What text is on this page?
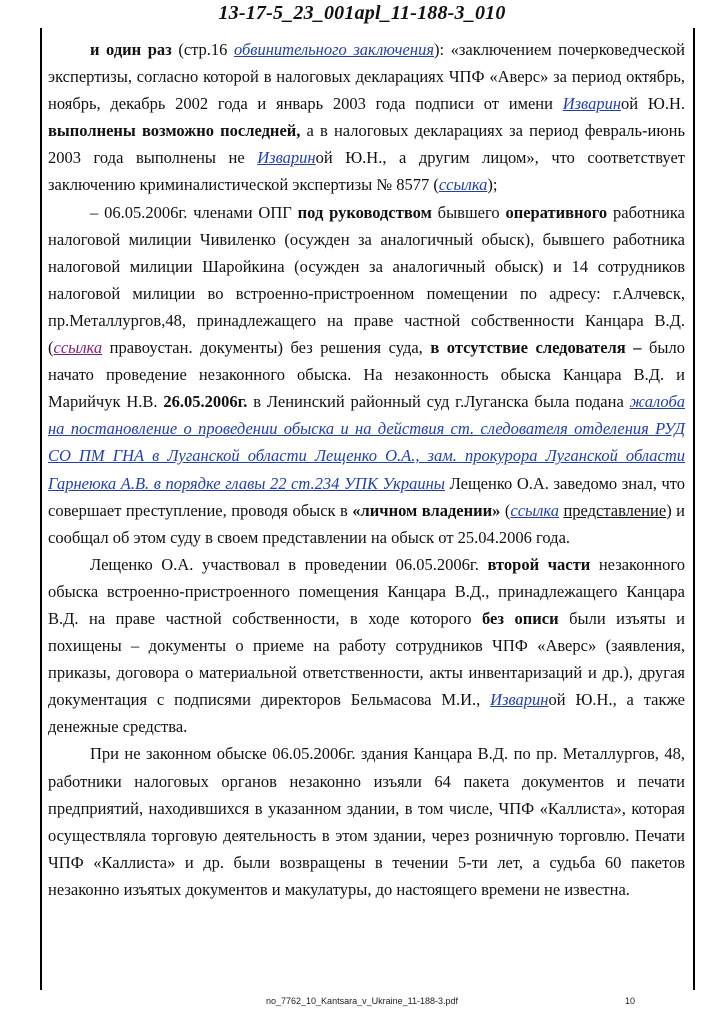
13-17-5_23_001apl_11-188-3_010

и один раз (стр.16 обвинительного заключения): «заключением почерковедческой экспертизы, согласно которой в налоговых декларациях ЧПФ «Аверс» за период октябрь, ноябрь, декабрь 2002 года и январь 2003 года подписи от имени Извариной Ю.Н. выполнены возможно последней, а в налоговых декларациях за период февраль-июнь 2003 года выполнены не Извариной Ю.Н., а другим лицом», что соответствует заключению криминалистической экспертизы № 8577 (ссылка);

– 06.05.2006г. членами ОПГ под руководством бывшего оперативного работника налоговой милиции Чивиленко (осужден за аналогичный обыск), бывшего работника налоговой милиции Шаройкина (осужден за аналогичный обыск) и 14 сотрудников налоговой милиции во встроенно-пристроенном помещении по адресу: г.Алчевск, пр.Металлургов,48, принадлежащего на праве частной собственности Канцара В.Д. (ссылка правоустан. документы) без решения суда, в отсутствие следователя – было начато проведение незаконного обыска. На незаконность обыска Канцара В.Д. и Марийчук Н.В. 26.05.2006г. в Ленинский районный суд г.Луганска была подана жалоба на постановление о проведении обыска и на действия ст. следователя отделения РУД СО ПМ ГНА в Луганской области Лещенко О.А., зам. прокурора Луганской области Гарнеюка А.В. в порядке главы 22 ст.234 УПК Украины Лещенко О.А. заведомо знал, что совершает преступление, проводя обыск в «личном владении» (ссылка представление) и сообщал об этом суду в своем представлении на обыск от 25.04.2006 года.

Лещенко О.А. участвовал в проведении 06.05.2006г. второй части незаконного обыска встроенно-пристроенного помещения Канцара В.Д., принадлежащего Канцара В.Д. на праве частной собственности, в ходе которого без описи были изъяты и похищены – документы о приеме на работу сотрудников ЧПФ «Аверс» (заявления, приказы, договора о материальной ответственности, акты инвентаризаций и др.), другая документация с подписями директоров Бельмасова М.И., Извариной Ю.Н., а также денежные средства.

При не законном обыске 06.05.2006г. здания Канцара В.Д. по пр. Металлургов, 48, работники налоговых органов незаконно изъяли 64 пакета документов и печати предприятий, находившихся в указанном здании, в том числе, ЧПФ «Каллиста», которая осуществляла торговую деятельность в этом здании, через розничную торговлю. Печати ЧПФ «Каллиста» и др. были возвращены в течении 5-ти лет, а судьба 60 пакетов незаконно изъятых документов и макулатуры, до настоящего времени не известна.

no_7762_10_Kantsara_v_Ukraine_11-188-3.pdf	10
